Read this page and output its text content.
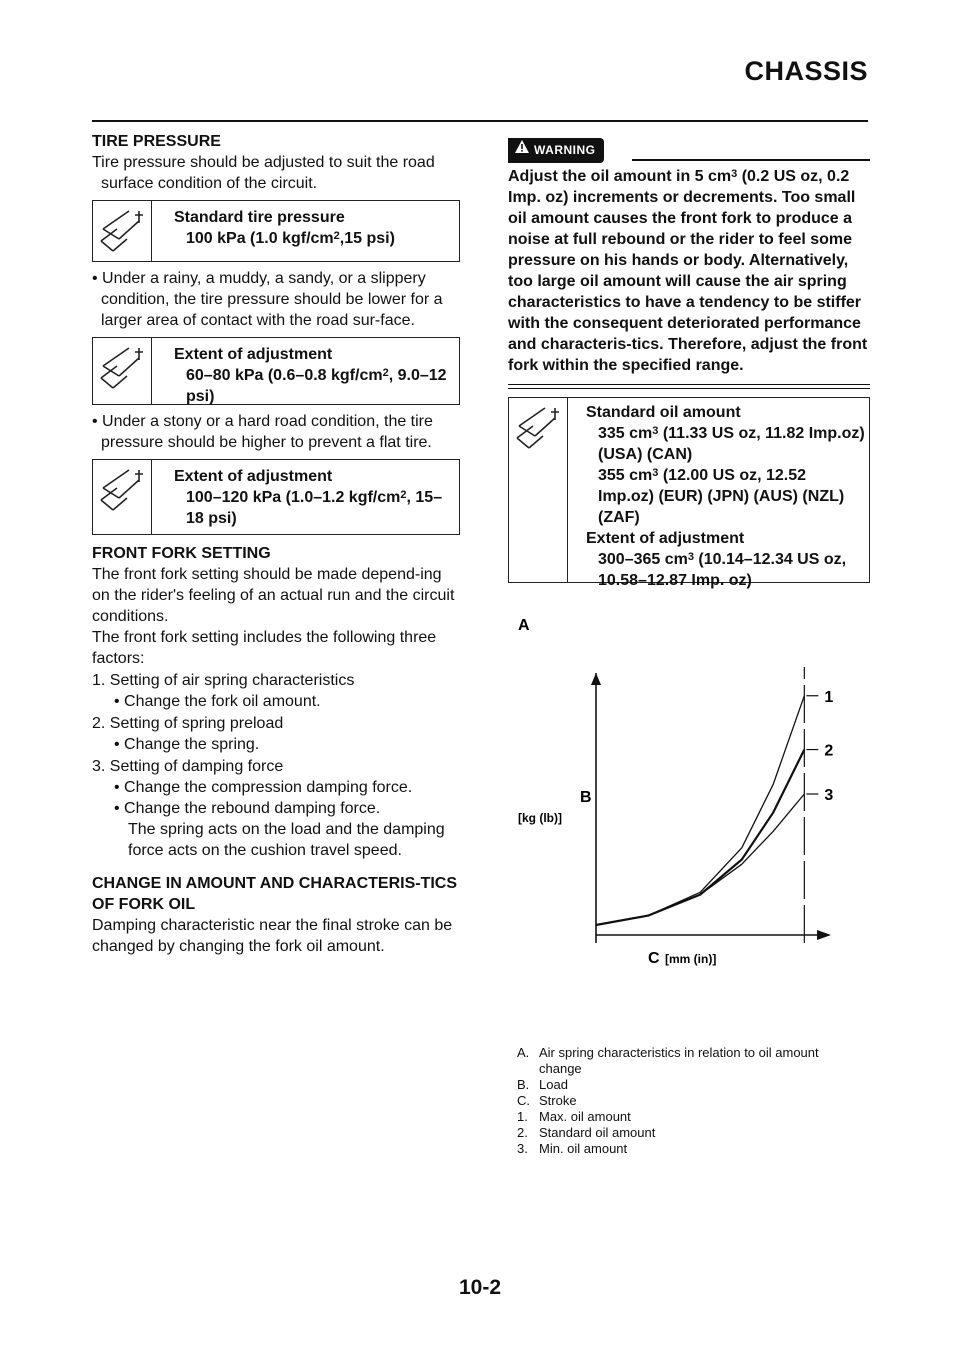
CHASSIS

TIRE PRESSURE

Tire pressure should be adjusted to suit the road surface condition of the circuit.

Standard tire pressure
100 kPa (1.0 kgf/$cm^2,15$ psi)

• Under a rainy, a muddy, a sandy, or a slippery condition, the tire pressure should be lower for a larger area of contact with the road sur-face.

Extent of adjustment
60–80 kPa (0.6–0.8 kgf/$cm^2$, 9.0–12 psi)

• Under a stony or a hard road condition, the tire pressure should be higher to prevent a flat tire.

Extent of adjustment
100–120 kPa (1.0–1.2 kgf/$cm^2$, 15–18 psi)

FRONT FORK SETTING

The front fork setting should be made depend-ing on the rider's feeling of an actual run and the circuit conditions.

The front fork setting includes the following three factors:

1. Setting of air spring characteristics

• Change the fork oil amount.

2. Setting of spring preload

• Change the spring.

3. Setting of damping force

• Change the compression damping force.

• Change the rebound damping force.

The spring acts on the load and the damping force acts on the cushion travel speed.

CHANGE IN AMOUNT AND CHARACTERIS-TICS OF FORK OIL

Damping characteristic near the final stroke can be changed by changing the fork oil amount.

WARNING
Adjust the oil amount in 5 $cm^3$ (0.2 US oz, 0.2 Imp. oz) increments or decrements. Too small oil amount causes the front fork to produce a noise at full rebound or the rider to feel some pressure on his hands or body. Alternatively, too large oil amount will cause the air spring characteristics to have a tendency to be stiffer with the consequent deteriorated performance and characteris-tics. Therefore, adjust the front fork within the specified range.
Standard oil amount
335 $cm^3$ (11.33 US oz, 11.82 Imp.oz) (USA) (CAN)
355 $cm^3$ (12.00 US oz, 12.52 Imp.oz) (EUR) (JPN) (AUS) (NZL) (ZAF)
Extent of adjustment
300–365 $cm^3$ (10.14–12.34 US oz, 10.58–12.87 Imp. oz)
A
1
2
3
B
[kg (lb)]
C [mm (in)]
A. Air spring characteristics in relation to oil amount change
B. Load
C. Stroke
1. Max. oil amount
2. Standard oil amount
3. Min. oil amount
10-2
